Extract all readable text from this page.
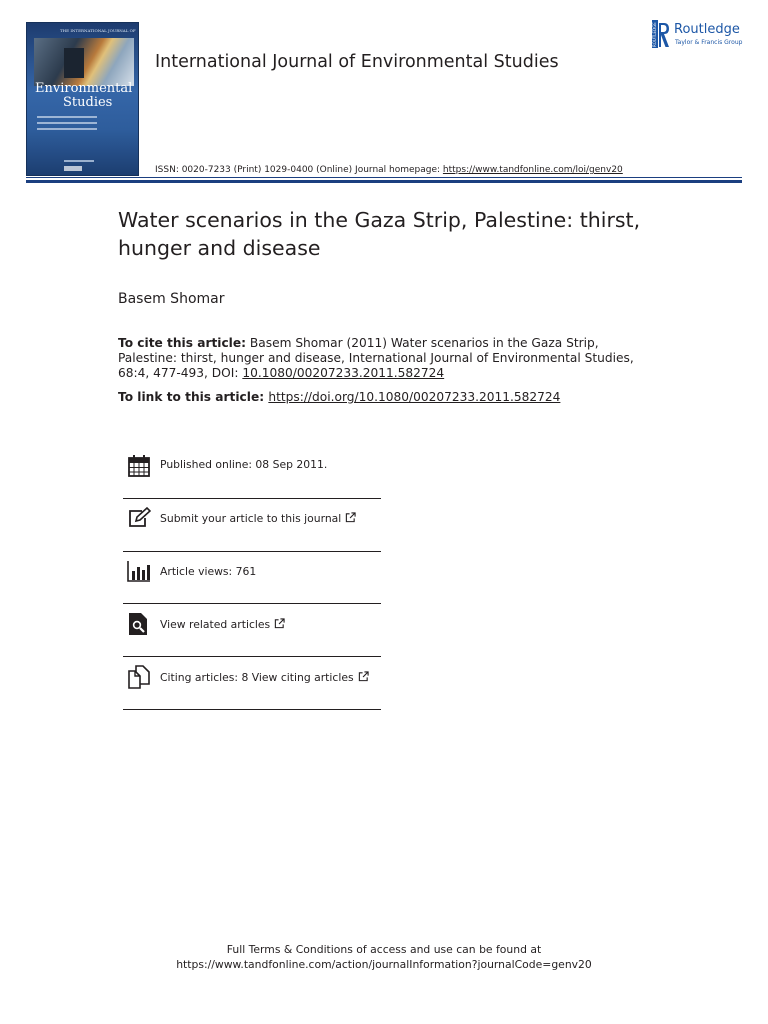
THE INTERNATIONAL JOURNAL OF
Environmental
Studies
International Journal of Environmental Studies
ISSN: 0020-7233 (Print) 1029-0400 (Online) Journal homepage: https://www.tandfonline.com/loi/genv20
ROUTLEDGE Routledge
Taylor & Francis Group
Water scenarios in the Gaza Strip, Palestine: thirst, hunger and disease
Basem Shomar
To cite this article: Basem Shomar (2011) Water scenarios in the Gaza Strip, Palestine: thirst, hunger and disease, International Journal of Environmental Studies, 68:4, 477-493, DOI: 10.1080/00207233.2011.582724
To link to this article: https://doi.org/10.1080/00207233.2011.582724
Published online: 08 Sep 2011.
Submit your article to this journal
Article views: 761
View related articles
Citing articles: 8 View citing articles
Full Terms & Conditions of access and use can be found at
https://www.tandfonline.com/action/journalInformation?journalCode=genv20
